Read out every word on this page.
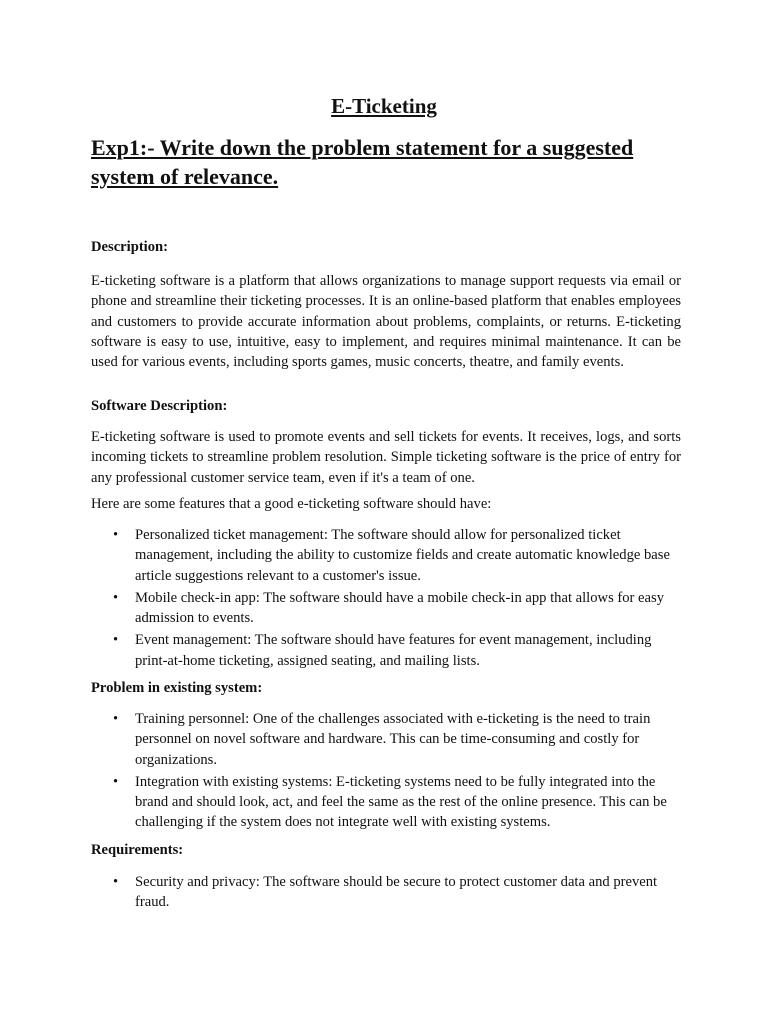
E-Ticketing
Exp1:- Write down the problem statement for a suggested system of relevance.
Description:

E-ticketing software is a platform that allows organizations to manage support requests via email or phone and streamline their ticketing processes. It is an online-based platform that enables employees and customers to provide accurate information about problems, complaints, or returns. E-ticketing software is easy to use, intuitive, easy to implement, and requires minimal maintenance. It can be used for various events, including sports games, music concerts, theatre, and family events.

Software Description:

E-ticketing software is used to promote events and sell tickets for events. It receives, logs, and sorts incoming tickets to streamline problem resolution. Simple ticketing software is the price of entry for any professional customer service team, even if it's a team of one.

Here are some features that a good e-ticketing software should have:

• Personalized ticket management: The software should allow for personalized ticket management, including the ability to customize fields and create automatic knowledge base article suggestions relevant to a customer's issue.
• Mobile check-in app: The software should have a mobile check-in app that allows for easy admission to events.
• Event management: The software should have features for event management, including print-at-home ticketing, assigned seating, and mailing lists.
Problem in existing system:
• Training personnel: One of the challenges associated with e-ticketing is the need to train personnel on novel software and hardware. This can be time-consuming and costly for organizations.
• Integration with existing systems: E-ticketing systems need to be fully integrated into the brand and should look, act, and feel the same as the rest of the online presence. This can be challenging if the system does not integrate well with existing systems.
Requirements:
• Security and privacy: The software should be secure to protect customer data and prevent fraud.
